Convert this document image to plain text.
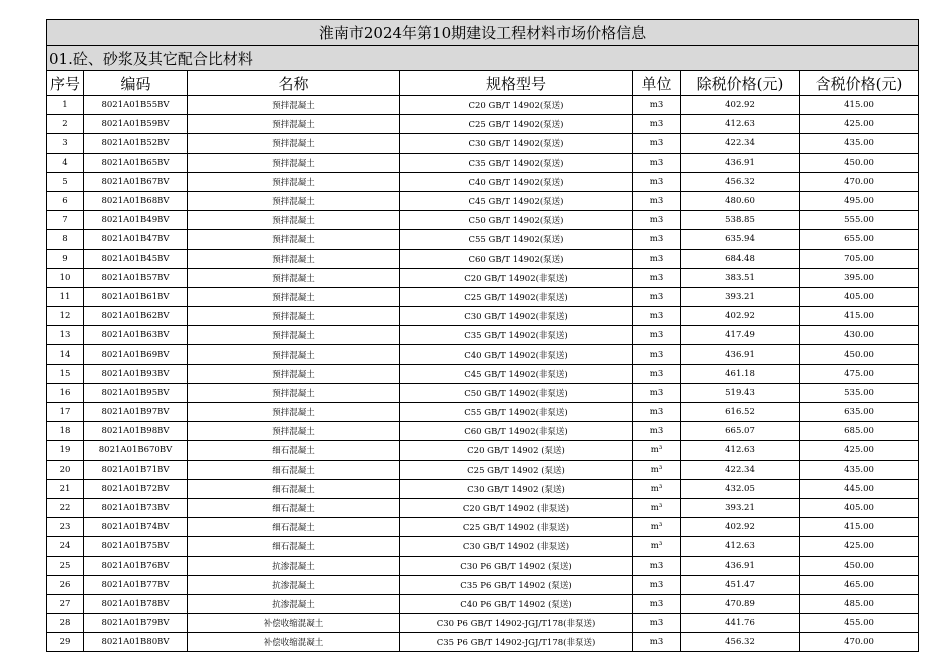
淮南市2024年第10期建设工程材料市场价格信息						
01.砼、砂浆及其它配合比材料						
序号	编码	名称	规格型号	单位	除税价格(元)	含税价格(元)
1	8021A01B55BV	预拌混凝土	C20 GB/T 14902(泵送)	m3	402.92	415.00
2	8021A01B59BV	预拌混凝土	C25 GB/T 14902(泵送)	m3	412.63	425.00
3	8021A01B52BV	预拌混凝土	C30 GB/T 14902(泵送)	m3	422.34	435.00
4	8021A01B65BV	预拌混凝土	C35 GB/T 14902(泵送)	m3	436.91	450.00
5	8021A01B67BV	预拌混凝土	C40 GB/T 14902(泵送)	m3	456.32	470.00
6	8021A01B68BV	预拌混凝土	C45 GB/T 14902(泵送)	m3	480.60	495.00
7	8021A01B49BV	预拌混凝土	C50 GB/T 14902(泵送)	m3	538.85	555.00
8	8021A01B47BV	预拌混凝土	C55 GB/T 14902(泵送)	m3	635.94	655.00
9	8021A01B45BV	预拌混凝土	C60 GB/T 14902(泵送)	m3	684.48	705.00
10	8021A01B57BV	预拌混凝土	C20 GB/T 14902(非泵送)	m3	383.51	395.00
11	8021A01B61BV	预拌混凝土	C25 GB/T 14902(非泵送)	m3	393.21	405.00
12	8021A01B62BV	预拌混凝土	C30 GB/T 14902(非泵送)	m3	402.92	415.00
13	8021A01B63BV	预拌混凝土	C35 GB/T 14902(非泵送)	m3	417.49	430.00
14	8021A01B69BV	预拌混凝土	C40 GB/T 14902(非泵送)	m3	436.91	450.00
15	8021A01B93BV	预拌混凝土	C45 GB/T 14902(非泵送)	m3	461.18	475.00
16	8021A01B95BV	预拌混凝土	C50 GB/T 14902(非泵送)	m3	519.43	535.00
17	8021A01B97BV	预拌混凝土	C55 GB/T 14902(非泵送)	m3	616.52	635.00
18	8021A01B98BV	预拌混凝土	C60 GB/T 14902(非泵送)	m3	665.07	685.00
19	8021A01B670BV	细石混凝土	C20 GB/T 14902 (泵送)	m³	412.63	425.00
20	8021A01B71BV	细石混凝土	C25 GB/T 14902 (泵送)	m³	422.34	435.00
21	8021A01B72BV	细石混凝土	C30 GB/T 14902 (泵送)	m³	432.05	445.00
22	8021A01B73BV	细石混凝土	C20 GB/T 14902 (非泵送)	m³	393.21	405.00
23	8021A01B74BV	细石混凝土	C25 GB/T 14902 (非泵送)	m³	402.92	415.00
24	8021A01B75BV	细石混凝土	C30 GB/T 14902 (非泵送)	m³	412.63	425.00
25	8021A01B76BV	抗渗混凝土	C30 P6 GB/T 14902 (泵送)	m3	436.91	450.00
26	8021A01B77BV	抗渗混凝土	C35 P6 GB/T 14902 (泵送)	m3	451.47	465.00
27	8021A01B78BV	抗渗混凝土	C40 P6 GB/T 14902 (泵送)	m3	470.89	485.00
28	8021A01B79BV	补偿收缩混凝土	C30 P6 GB/T 14902-JGJ/T178(非泵送)	m3	441.76	455.00
29	8021A01B80BV	补偿收缩混凝土	C35 P6 GB/T 14902-JGJ/T178(非泵送)	m3	456.32	470.00
